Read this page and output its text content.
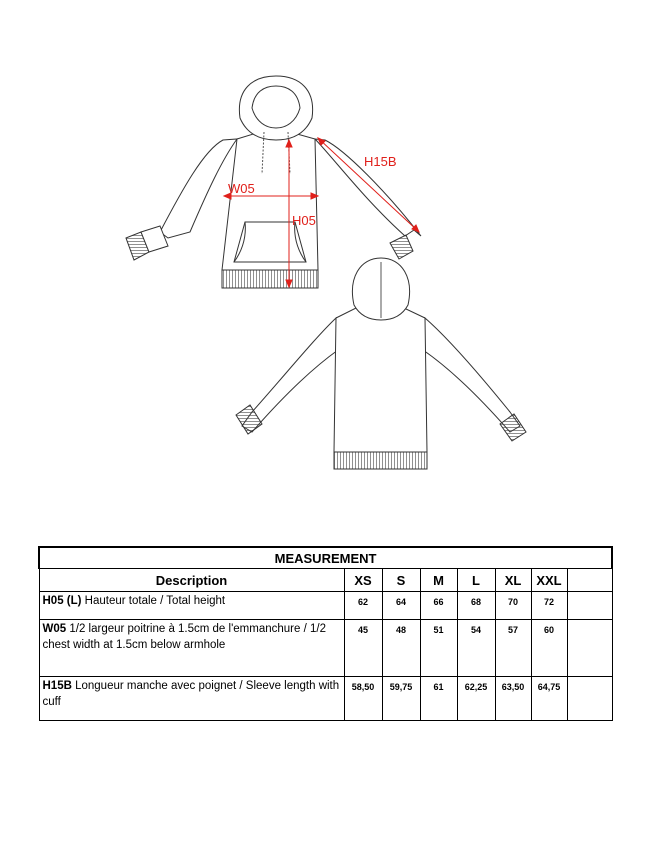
W05
H05
H15B
MEASUREMENT							
Description	XS	S	M	L	XL	XXL	
H05 (L) Hauteur totale / Total height	62	64	66	68	70	72	
W05 1/2 largeur poitrine à 1.5cm de l'emmanchure / 1/2 chest width at 1.5cm below armhole	45	48	51	54	57	60	
H15B Longueur manche avec poignet / Sleeve length with cuff	58,50	59,75	61	62,25	63,50	64,75	
